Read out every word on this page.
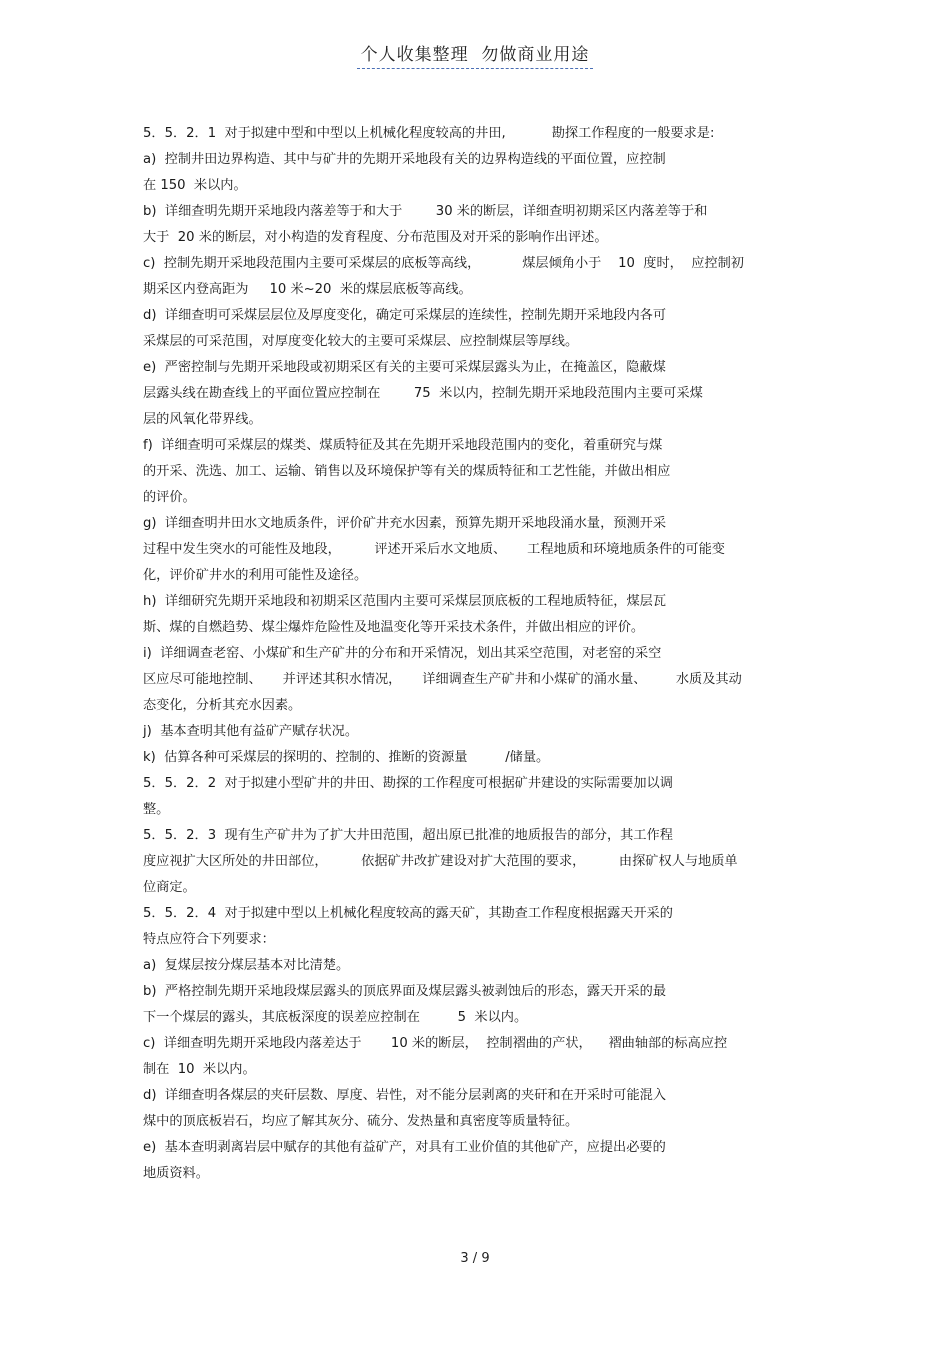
个人收集整理  勿做商业用途
5．5．2．1  对于拟建中型和中型以上机械化程度较高的井田,           勘探工作程度的一般要求是:
a)  控制井田边界构造、其中与矿井的先期开采地段有关的边界构造线的平面位置，应控制
在 150  米以内。
b)  详细查明先期开采地段内落差等于和大于        30 米的断层，详细查明初期采区内落差等于和
大于  20 米的断层，对小构造的发育程度、分布范围及对开采的影响作出评述。
c)  控制先期开采地段范围内主要可采煤层的底板等高线，          煤层倾角小于    10  度时，  应控制初
期采区内登高距为     10 米~20  米的煤层底板等高线。
d)  详细查明可采煤层层位及厚度变化，确定可采煤层的连续性，控制先期开采地段内各可
采煤层的可采范围，对厚度变化较大的主要可采煤层、应控制煤层等厚线。
e)  严密控制与先期开采地段或初期采区有关的主要可采煤层露头为止，在掩盖区，隐蔽煤
层露头线在勘查线上的平面位置应控制在        75  米以内，控制先期开采地段范围内主要可采煤
层的风氧化带界线。
f)  详细查明可采煤层的煤类、煤质特征及其在先期开采地段范围内的变化，着重研究与煤
的开采、洗选、加工、运输、销售以及环境保护等有关的煤质特征和工艺性能，并做出相应
的评价。
g)  详细查明井田水文地质条件，评价矿井充水因素，预算先期开采地段涌水量，预测开采
过程中发生突水的可能性及地段，        评述开采后水文地质、     工程地质和环境地质条件的可能变
化，评价矿井水的利用可能性及途径。
h)  详细研究先期开采地段和初期采区范围内主要可采煤层顶底板的工程地质特征，煤层瓦
斯、煤的自燃趋势、煤尘爆炸危险性及地温变化等开采技术条件，并做出相应的评价。
i)  详细调查老窑、小煤矿和生产矿井的分布和开采情况，划出其采空范围，对老窑的采空
区应尽可能地控制、     并评述其积水情况，     详细调查生产矿井和小煤矿的涌水量、       水质及其动
态变化，分析其充水因素。
j)  基本查明其他有益矿产赋存状况。
k)  估算各种可采煤层的探明的、控制的、推断的资源量         /储量。
5．5．2．2  对于拟建小型矿井的井田、勘探的工作程度可根据矿井建设的实际需要加以调
整。
5．5．2．3  现有生产矿井为了扩大井田范围，超出原已批准的地质报告的部分，其工作程
度应视扩大区所处的井田部位，        依据矿井改扩建设对扩大范围的要求，        由探矿权人与地质单
位商定。
5．5．2．4  对于拟建中型以上机械化程度较高的露天矿，其勘查工作程度根据露天开采的
特点应符合下列要求：
a)  复煤层按分煤层基本对比清楚。
b)  严格控制先期开采地段煤层露头的顶底界面及煤层露头被剥蚀后的形态，露天开采的最
下一个煤层的露头，其底板深度的误差应控制在         5  米以内。
c)  详细查明先期开采地段内落差达于       10 米的断层，  控制褶曲的产状，    褶曲轴部的标高应控
制在  10  米以内。
d)  详细查明各煤层的夹矸层数、厚度、岩性，对不能分层剥离的夹矸和在开采时可能混入
煤中的顶底板岩石，均应了解其灰分、硫分、发热量和真密度等质量特征。
e)  基本查明剥离岩层中赋存的其他有益矿产，对具有工业价值的其他矿产，应提出必要的
地质资料。
3 / 9
